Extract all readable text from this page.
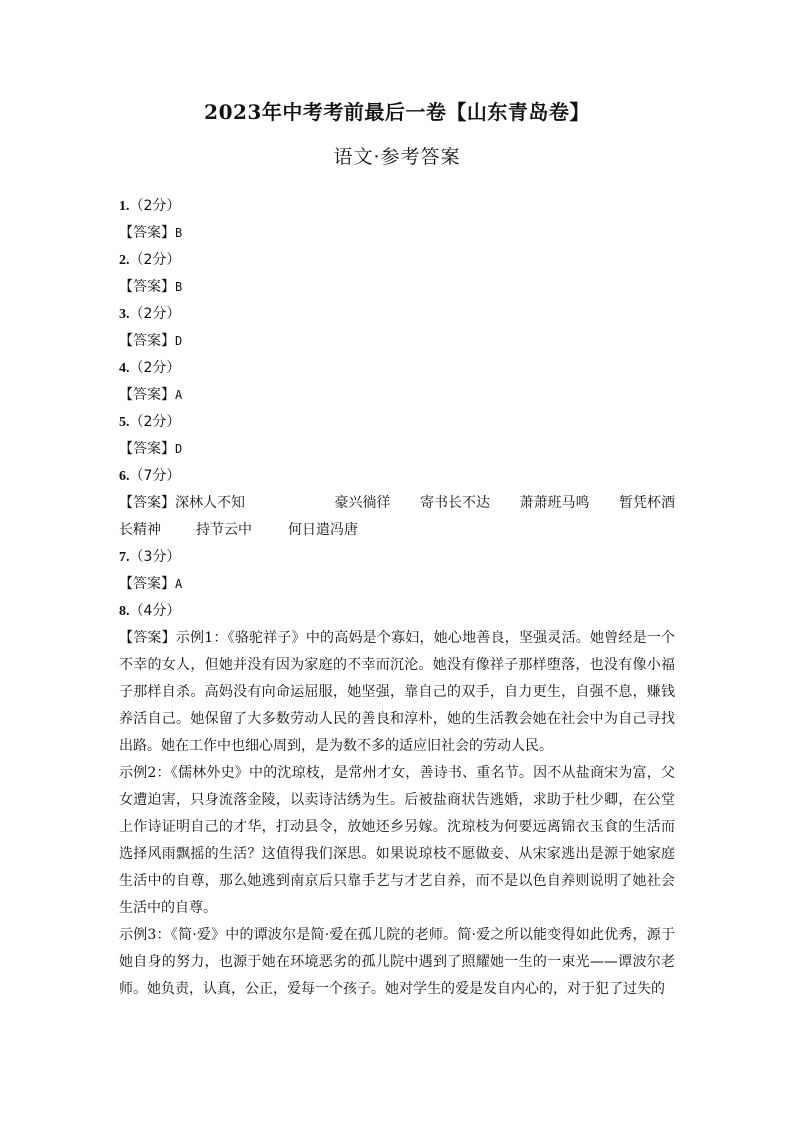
2023年中考考前最后一卷【山东青岛卷】
语文·参考答案
1.（2分）
【答案】B
2.（2分）
【答案】B
3.（2分）
【答案】D
4.（2分）
【答案】A
5.（2分）
【答案】D
6.（7分）
【答案】深林人不知	豪兴徜徉 寄书长不达 萧萧班马鸣 暂凭杯酒
长精神	持节云中	何日遣冯唐
7.（3分）
【答案】A
8.（4分）
【答案】示例1：《骆驼祥子》中的高妈是个寡妇，她心地善良，坚强灵活。她曾经是一个不幸的女人，但她并没有因为家庭的不幸而沉沦。她没有像祥子那样堕落，也没有像小福子那样自杀。高妈没有向命运屈服，她坚强，靠自己的双手，自力更生，自强不息，赚钱养活自己。她保留了大多数劳动人民的善良和淳朴，她的生活教会她在社会中为自己寻找出路。她在工作中也细心周到，是为数不多的适应旧社会的劳动人民。
示例2：《儒林外史》中的沈琼枝，是常州才女，善诗书、重名节。因不从盐商宋为富，父女遭迫害，只身流落金陵，以卖诗沽绣为生。后被盐商状告逃婚，求助于杜少卿，在公堂上作诗证明自己的才华，打动县令，放她还乡另嫁。沈琼枝为何要远离锦衣玉食的生活而选择风雨飘摇的生活？这值得我们深思。如果说琼枝不愿做妾、从宋家逃出是源于她家庭生活中的自尊，那么她逃到南京后只靠手艺与才艺自养，而不是以色自养则说明了她社会生活中的自尊。
示例3：《简·爱》中的谭波尔是简·爱在孤儿院的老师。简·爱之所以能变得如此优秀，源于她自身的努力，也源于她在环境恶劣的孤儿院中遇到了照耀她一生的一束光——谭波尔老师。她负责，认真，公正，爱每一个孩子。她对学生的爱是发自内心的，对于犯了过失的
